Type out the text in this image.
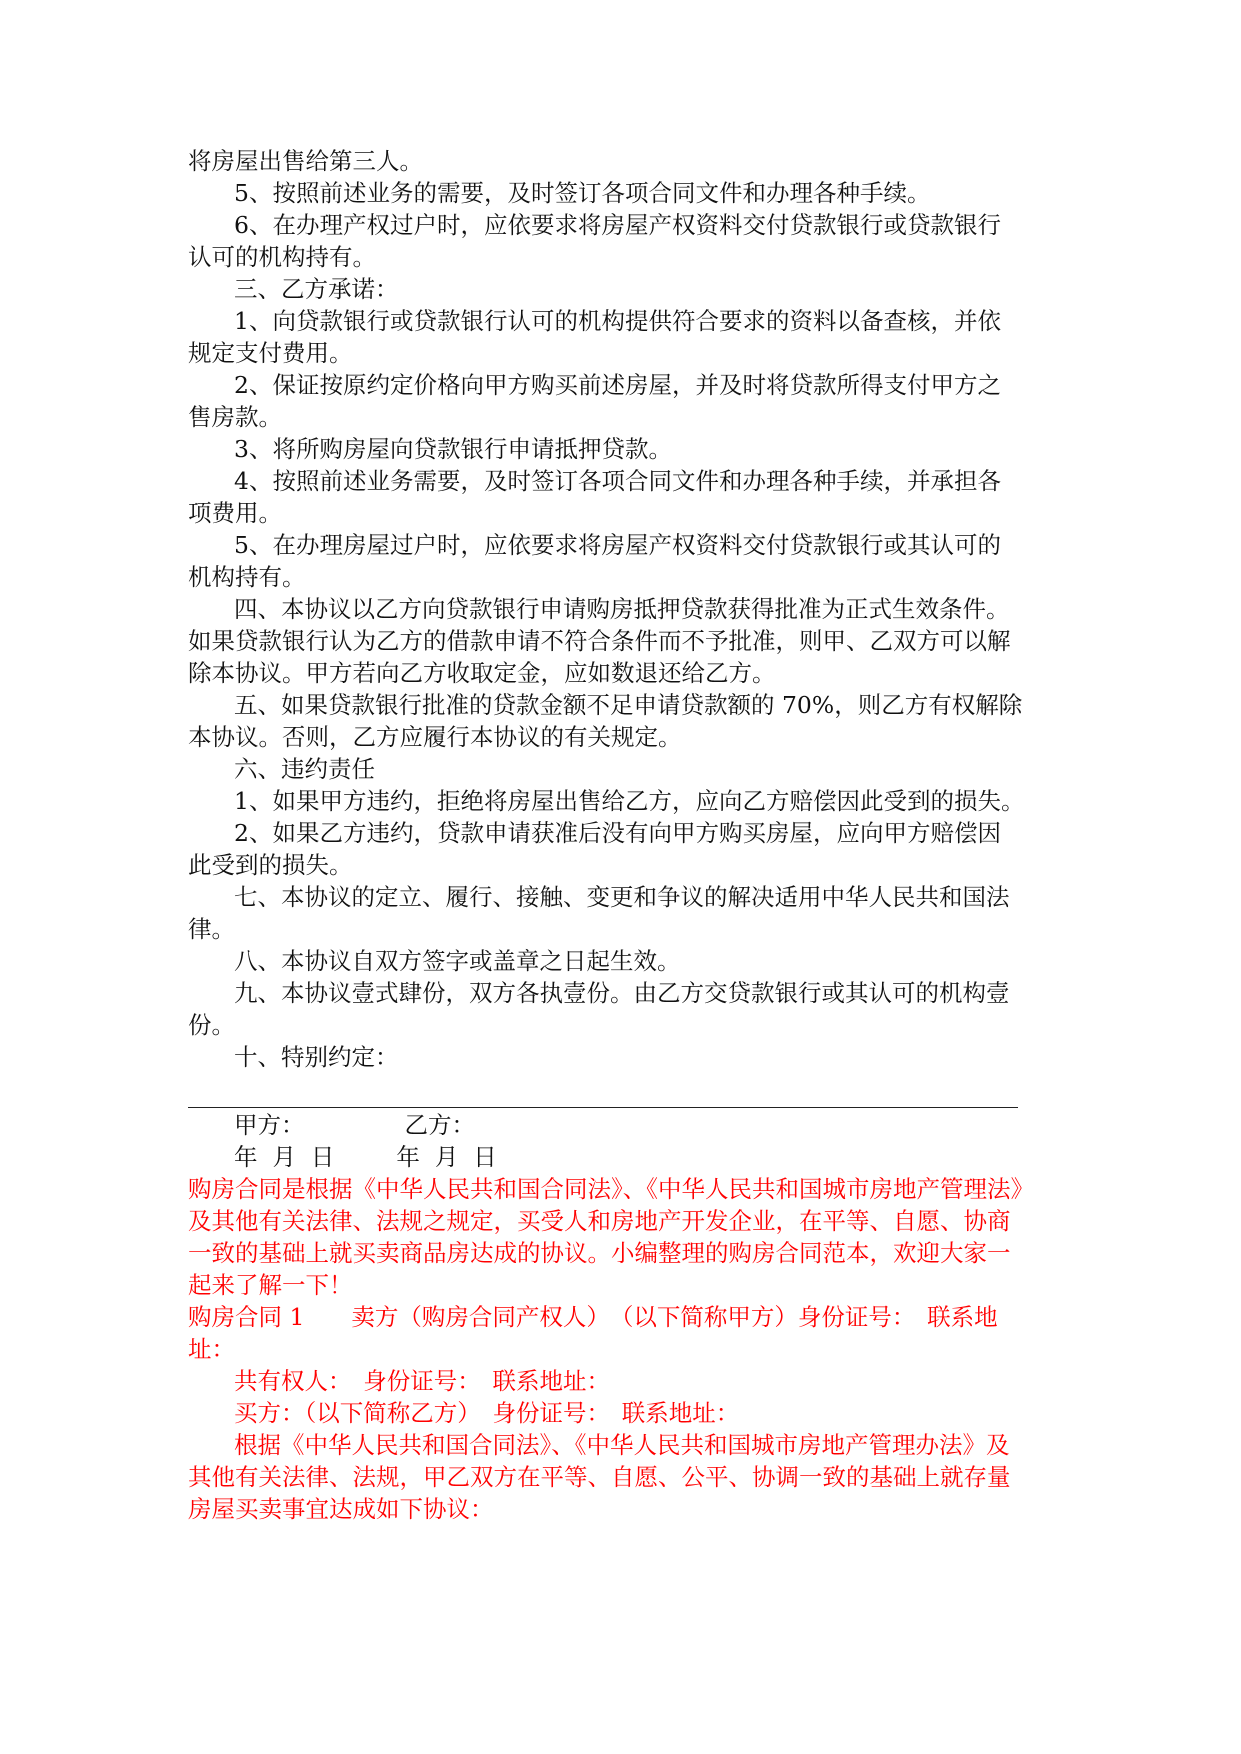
将房屋出售给第三人。
5、按照前述业务的需要，及时签订各项合同文件和办理各种手续。
6、在办理产权过户时，应依要求将房屋产权资料交付贷款银行或贷款银行
认可的机构持有。
三、乙方承诺：
1、向贷款银行或贷款银行认可的机构提供符合要求的资料以备查核，并依
规定支付费用。
2、保证按原约定价格向甲方购买前述房屋，并及时将贷款所得支付甲方之
售房款。
3、将所购房屋向贷款银行申请抵押贷款。
4、按照前述业务需要，及时签订各项合同文件和办理各种手续，并承担各
项费用。
5、在办理房屋过户时，应依要求将房屋产权资料交付贷款银行或其认可的
机构持有。
四、本协议以乙方向贷款银行申请购房抵押贷款获得批准为正式生效条件。
如果贷款银行认为乙方的借款申请不符合条件而不予批准，则甲、乙双方可以解
除本协议。甲方若向乙方收取定金，应如数退还给乙方。
五、如果贷款银行批准的贷款金额不足申请贷款额的 70%，则乙方有权解除
本协议。否则，乙方应履行本协议的有关规定。
六、违约责任
1、如果甲方违约，拒绝将房屋出售给乙方，应向乙方赔偿因此受到的损失。
2、如果乙方违约，贷款申请获准后没有向甲方购买房屋，应向甲方赔偿因
此受到的损失。
七、本协议的定立、履行、接触、变更和争议的解决适用中华人民共和国法
律。
八、本协议自双方签字或盖章之日起生效。
九、本协议壹式肆份，双方各执壹份。由乙方交贷款银行或其认可的机构壹
份。
十、特别约定：
甲方：	乙方：
年  月  日	年  月  日
购房合同是根据《中华人民共和国合同法》、《中华人民共和国城市房地产管理法》
及其他有关法律、法规之规定，买受人和房地产开发企业，在平等、自愿、协商
一致的基础上就买卖商品房达成的协议。小编整理的购房合同范本，欢迎大家一
起来了解一下！
购房合同 1　　卖方（购房合同产权人）　（以下简称甲方）身份证号：　联系地
址：
共有权人：　身份证号：　联系地址：
买方：（以下简称乙方）　身份证号：　联系地址：
根据《中华人民共和国合同法》、《中华人民共和国城市房地产管理办法》及
其他有关法律、法规，甲乙双方在平等、自愿、公平、协调一致的基础上就存量
房屋买卖事宜达成如下协议：
